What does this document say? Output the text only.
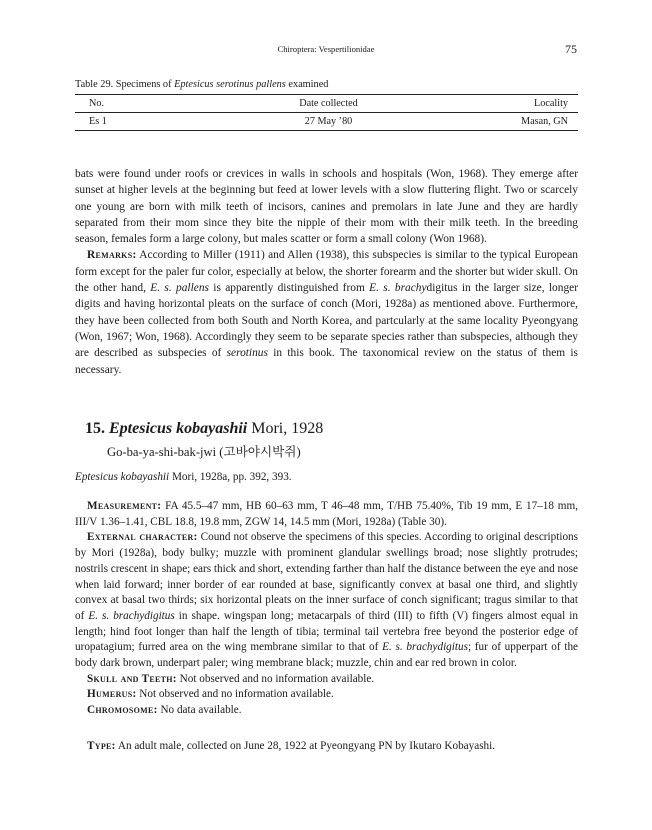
Chiroptera: Vespertilionidae	75
Table 29. Specimens of Eptesicus serotinus pallens examined
No.	Date collected	Locality
Es 1	27 May ’80	Masan, GN

bats were found under roofs or crevices in walls in schools and hospitals (Won, 1968). They emerge after sunset at higher levels at the beginning but feed at lower levels with a slow fluttering flight. Two or scarcely one young are born with milk teeth of incisors, canines and premolars in late June and they are hardly separated from their mom since they bite the nipple of their mom with their milk teeth. In the breeding season, females form a large colony, but males scatter or form a small colony (Won 1968).

Remarks: According to Miller (1911) and Allen (1938), this subspecies is similar to the typical European form except for the paler fur color, especially at below, the shorter forearm and the shorter but wider skull. On the other hand, E. s. pallens is apparently distinguished from E. s. brachydigitus in the larger size, longer digits and having horizontal pleats on the surface of conch (Mori, 1928a) as mentioned above. Furthermore, they have been collected from both South and North Korea, and partcularly at the same locality Pyeongyang (Won, 1967; Won, 1968). Accordingly they seem to be separate species rather than subspecies, although they are described as subspecies of serotinus in this book. The taxonomical review on the status of them is necessary.

15. Eptesicus kobayashii Mori, 1928
Go-ba-ya-shi-bak-jwi (고바야시박쥐)
Eptesicus kobayashii Mori, 1928a, pp. 392, 393.

Measurement: FA 45.5–47 mm, HB 60–63 mm, T 46–48 mm, T/HB 75.40%, Tib 19 mm, E 17–18 mm, III/V 1.36–1.41, CBL 18.8, 19.8 mm, ZGW 14, 14.5 mm (Mori, 1928a) (Table 30).

External character: Cound not observe the specimens of this species. According to original descriptions by Mori (1928a), body bulky; muzzle with prominent glandular swellings broad; nose slightly protrudes; nostrils crescent in shape; ears thick and short, extending farther than half the distance between the eye and nose when laid forward; inner border of ear rounded at base, significantly convex at basal one third, and slightly convex at basal two thirds; six horizontal pleats on the inner surface of conch significant; tragus similar to that of E. s. brachydigitus in shape. wingspan long; metacarpals of third (III) to fifth (V) fingers almost equal in length; hind foot longer than half the length of tibia; terminal tail vertebra free beyond the posterior edge of uropatagium; furred area on the wing membrane similar to that of E. s. brachydigitus; fur of upperpart of the body dark brown, underpart paler; wing membrane black; muzzle, chin and ear red brown in color.

Skull and Teeth: Not observed and no information available.

Humerus: Not observed and no information available.

Chromosome: No data available.

Type: An adult male, collected on June 28, 1922 at Pyeongyang PN by Ikutaro Kobayashi.
